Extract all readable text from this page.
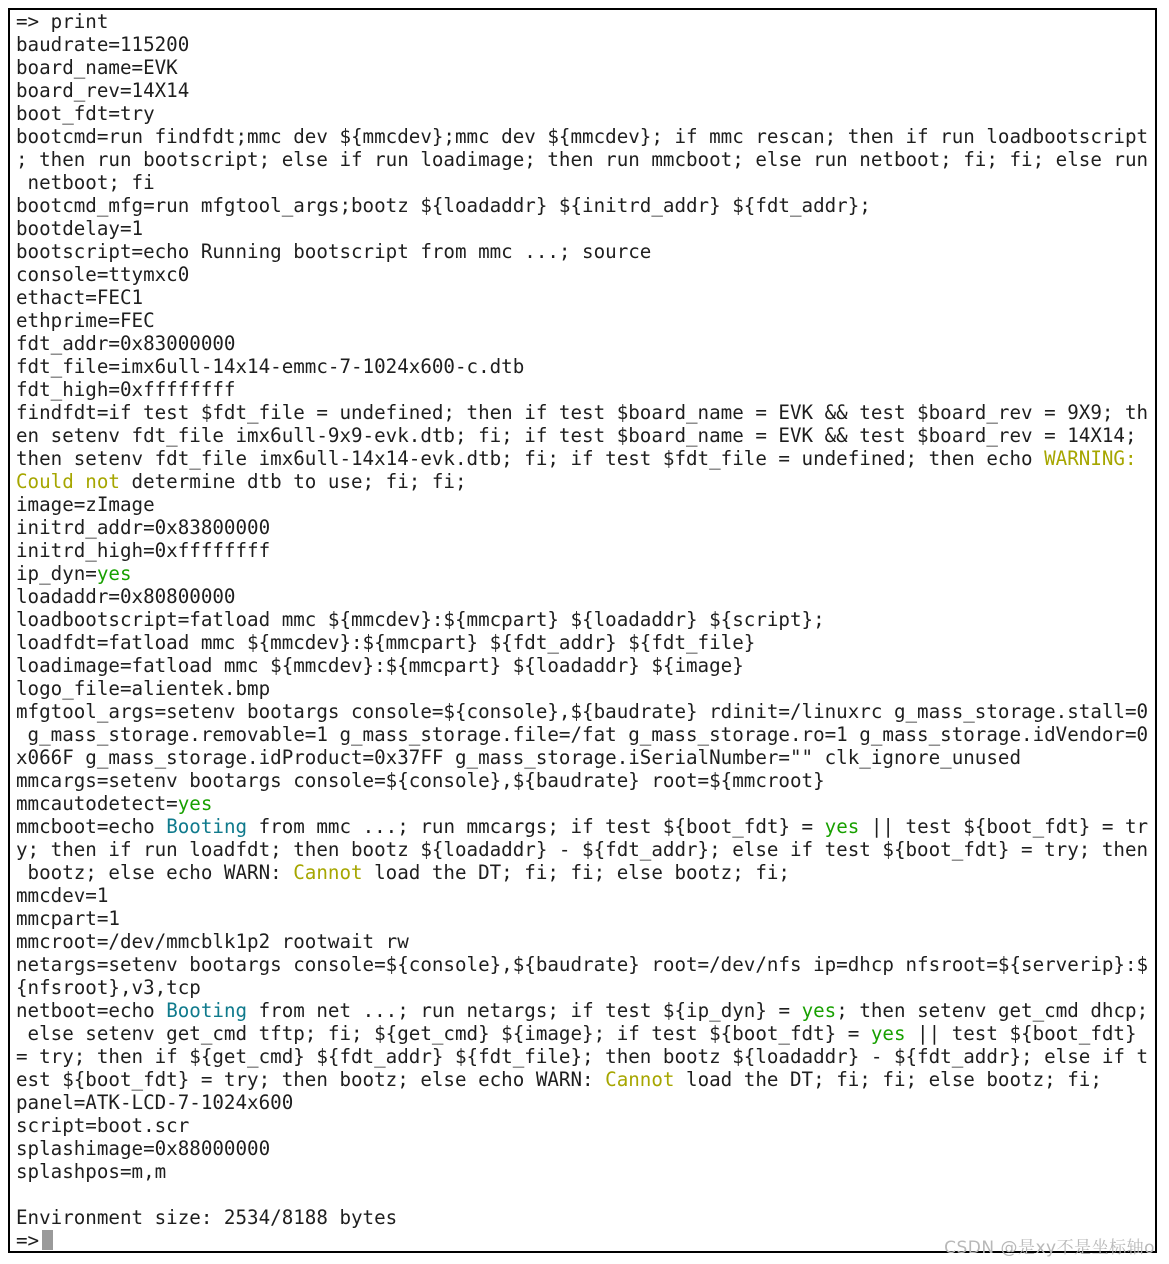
=> print
baudrate=115200
board_name=EVK
board_rev=14X14
boot_fdt=try
bootcmd=run findfdt;mmc dev ${mmcdev};mmc dev ${mmcdev}; if mmc rescan; then if run loadbootscript
; then run bootscript; else if run loadimage; then run mmcboot; else run netboot; fi; fi; else run
netboot; fi
bootcmd_mfg=run mfgtool_args;bootz ${loadaddr} ${initrd_addr} ${fdt_addr};
bootdelay=1
bootscript=echo Running bootscript from mmc ...; source
console=ttymxc0
ethact=FEC1
ethprime=FEC
fdt_addr=0x83000000
fdt_file=imx6ull-14x14-emmc-7-1024x600-c.dtb
fdt_high=0xffffffff
findfdt=if test $fdt_file = undefined; then if test $board_name = EVK && test $board_rev = 9X9; th
en setenv fdt_file imx6ull-9x9-evk.dtb; fi; if test $board_name = EVK && test $board_rev = 14X14;
then setenv fdt_file imx6ull-14x14-evk.dtb; fi; if test $fdt_file = undefined; then echo WARNING:
Could not determine dtb to use; fi; fi;
image=zImage
initrd_addr=0x83800000
initrd_high=0xffffffff
ip_dyn=yes
loadaddr=0x80800000
loadbootscript=fatload mmc ${mmcdev}:${mmcpart} ${loadaddr} ${script};
loadfdt=fatload mmc ${mmcdev}:${mmcpart} ${fdt_addr} ${fdt_file}
loadimage=fatload mmc ${mmcdev}:${mmcpart} ${loadaddr} ${image}
logo_file=alientek.bmp
mfgtool_args=setenv bootargs console=${console},${baudrate} rdinit=/linuxrc g_mass_storage.stall=0
g_mass_storage.removable=1 g_mass_storage.file=/fat g_mass_storage.ro=1 g_mass_storage.idVendor=0
x066F g_mass_storage.idProduct=0x37FF g_mass_storage.iSerialNumber="" clk_ignore_unused
mmcargs=setenv bootargs console=${console},${baudrate} root=${mmcroot}
mmcautodetect=yes
mmcboot=echo Booting from mmc ...; run mmcargs; if test ${boot_fdt} = yes || test ${boot_fdt} = tr
y; then if run loadfdt; then bootz ${loadaddr} - ${fdt_addr}; else if test ${boot_fdt} = try; then
bootz; else echo WARN: Cannot load the DT; fi; fi; else bootz; fi;
mmcdev=1
mmcpart=1
mmcroot=/dev/mmcblk1p2 rootwait rw
netargs=setenv bootargs console=${console},${baudrate} root=/dev/nfs ip=dhcp nfsroot=${serverip}:$
{nfsroot},v3,tcp
netboot=echo Booting from net ...; run netargs; if test ${ip_dyn} = yes; then setenv get_cmd dhcp;
else setenv get_cmd tftp; fi; ${get_cmd} ${image}; if test ${boot_fdt} = yes || test ${boot_fdt}
= try; then if ${get_cmd} ${fdt_addr} ${fdt_file}; then bootz ${loadaddr} - ${fdt_addr}; else if t
est ${boot_fdt} = try; then bootz; else echo WARN: Cannot load the DT; fi; fi; else bootz; fi;
panel=ATK-LCD-7-1024x600
script=boot.scr
splashimage=0x88000000
splashpos=m,m
Environment size: 2534/8188 bytes
=>	CSDN @是xy不是坐标轴o
